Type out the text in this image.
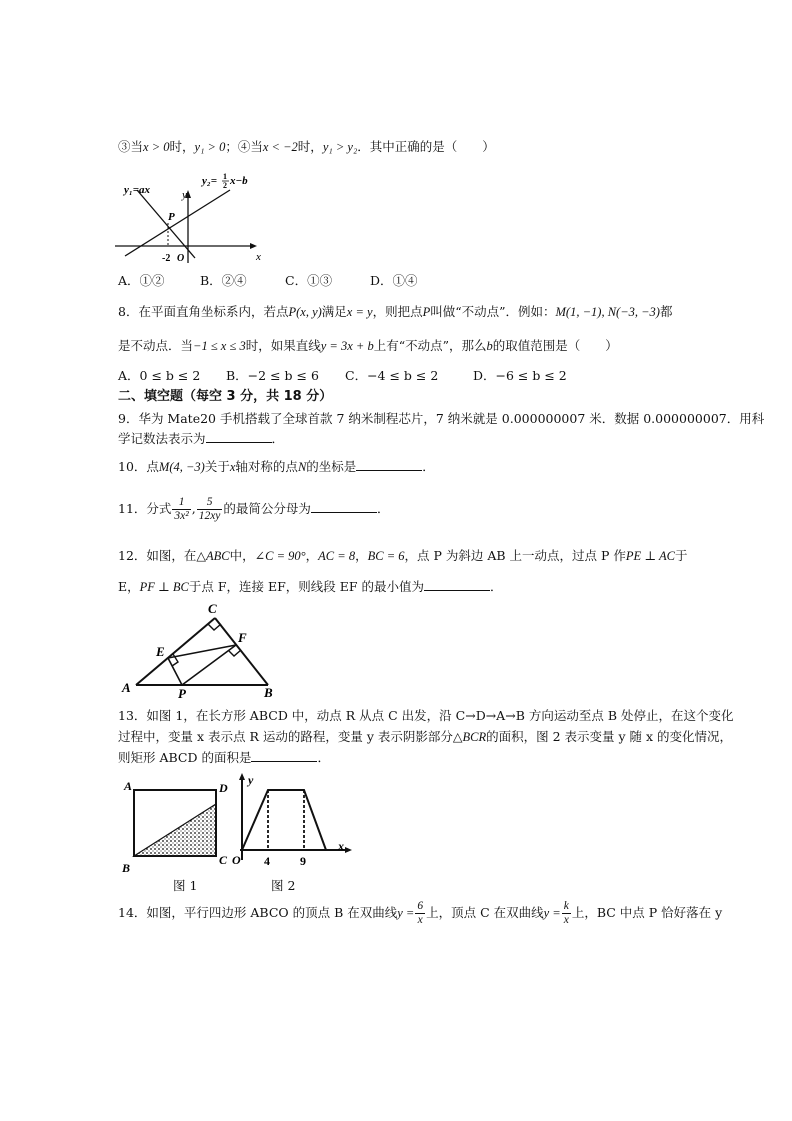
③当x > 0时，y₁ > 0；④当x < −2时，y₁ > y₂．其中正确的是（　　）
y₁=ax
y₂= 1
2 x−b
y
x
P
-2 O
A．①②	B．②④	C．①③	D．①④
8．在平面直角坐标系内，若点P(x, y)满足x = y，则把点P叫做“不动点”．例如：M(1, −1), N(−3, −3)都
是不动点．当−1 ≤ x ≤ 3时，如果直线y = 3x + b上有“不动点”，那么b的取值范围是（　　）
A．0 ≤ b ≤ 2 B．−2 ≤ b ≤ 6 C．−4 ≤ b ≤ 2	D．−6 ≤ b ≤ 2
二、填空题（每空 3 分，共 18 分）
9．华为 Mate20 手机搭载了全球首款 7 纳米制程芯片，7 纳米就是 0.000000007 米．数据 0.000000007．用科
学记数法表示为	．
10．点M(4, −3)关于x轴对称的点N的坐标是	．
11．分式 $\frac{1}{\text{3x²}}$ , $\frac{5}{12xy}$ 的最简公分母为	．
12．如图，在△ABC中，∠C = 90°，AC = 8，BC = 6，点 P 为斜边 AB 上一动点，过点 P 作PE ⊥ AC于
E，PF ⊥ BC于点 F，连接 EF，则线段 EF 的最小值为	．
C
F
E
A	P	B
13．如图 1，在长方形 ABCD 中，动点 R 从点 C 出发，沿 C→D→A→B 方向运动至点 B 处停止，在这个变化
过程中，变量 x 表示点 R 运动的路程，变量 y 表示阴影部分△BCR的面积，图 2 表示变量 y 随 x 的变化情况，
则矩形 ABCD 的面积是	．
A	D
B
C
图 1
y
x
O 4	9
图 2
14．如图，平行四边形 ABCO 的顶点 B 在双曲线$y = \frac{6}{x}$ 上，顶点 C 在双曲线$y = \frac{k}{x}$ 上，BC 中点 P 恰好落在 y
